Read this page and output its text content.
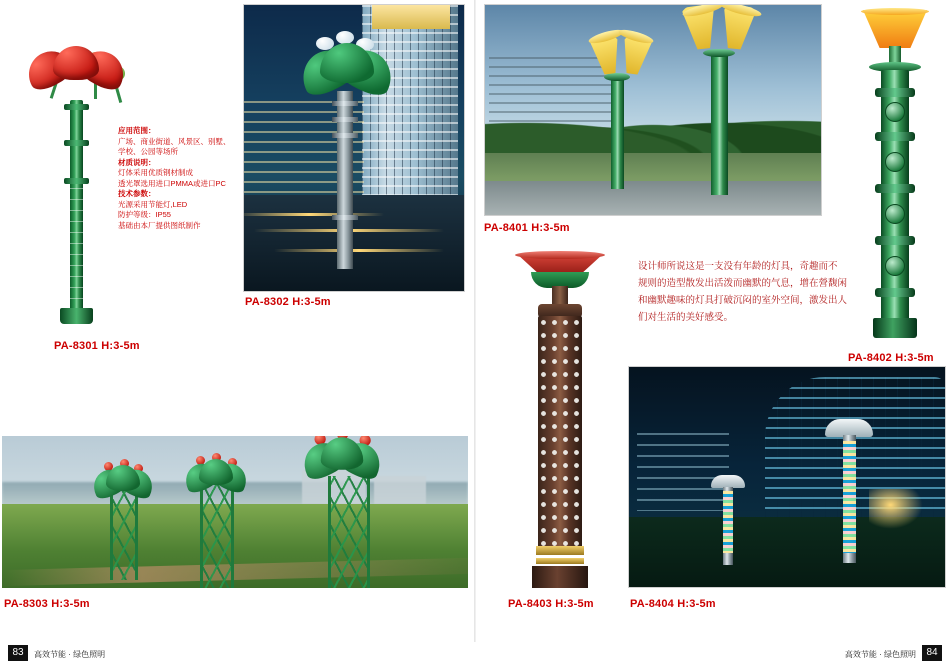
PA-8301 H:3-5m
应用范围：
广场、商业街道、风景区、别墅、
学校、公园等场所
材质说明：
灯体采用优质钢材制成
透光罩选用进口PMMA或进口PC
技术参数：
光源采用节能灯,LED
防护等级：IP55
基础由本厂提供图纸制作
PA-8302 H:3-5m
PA-8401 H:3-5m
PA-8402 H:3-5m
设计师所说这是一支没有年龄的灯具，奇趣而不
规则的造型散发出活泼而幽默的气息，增在營馥闲
和幽默趣味的灯具打破沉闷的室外空间，激发出人
们对生活的美好感受。
PA-8403 H:3-5m
PA-8303 H:3-5m	PA-8404 H:3-5m
83	高效节能 · 绿色照明	84
高效节能 · 绿色照明
